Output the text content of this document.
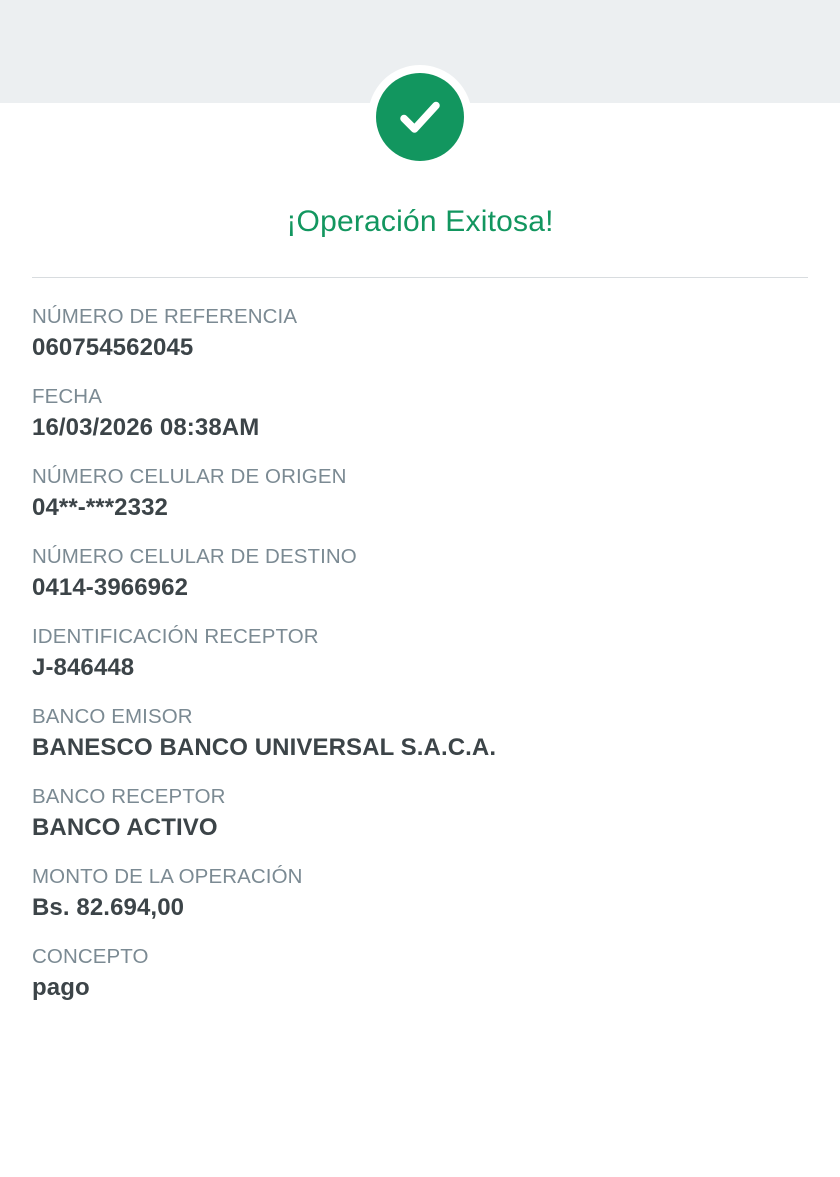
¡Operación Exitosa!
NÚMERO DE REFERENCIA
060754562045
FECHA
16/03/2026 08:38AM
NÚMERO CELULAR DE ORIGEN
04**-***2332
NÚMERO CELULAR DE DESTINO
0414-3966962
IDENTIFICACIÓN RECEPTOR
J-846448
BANCO EMISOR
BANESCO BANCO UNIVERSAL S.A.C.A.
BANCO RECEPTOR
BANCO ACTIVO
MONTO DE LA OPERACIÓN
Bs. 82.694,00
CONCEPTO
pago
